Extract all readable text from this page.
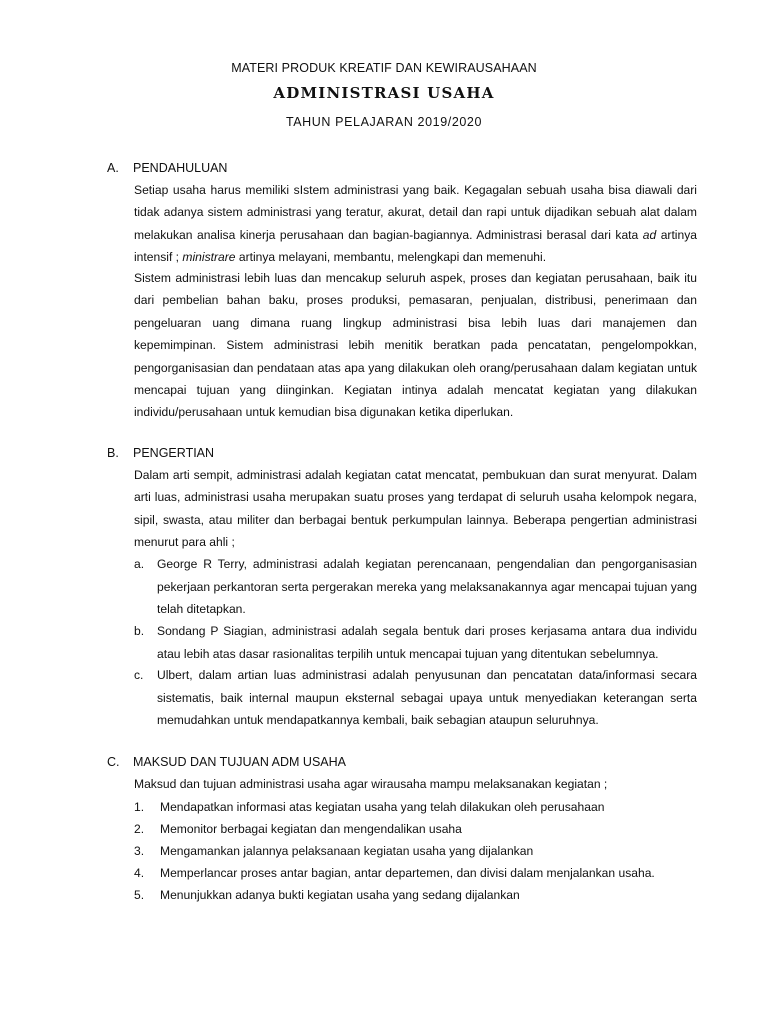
MATERI PRODUK KREATIF DAN KEWIRAUSAHAAN
ADMINISTRASI USAHA
TAHUN PELAJARAN 2019/2020
A. PENDAHULUAN

Setiap usaha harus memiliki sIstem administrasi yang baik. Kegagalan sebuah usaha bisa diawali dari tidak adanya sistem administrasi yang teratur, akurat, detail dan rapi untuk dijadikan sebuah alat dalam melakukan analisa kinerja perusahaan dan bagian-bagiannya. Administrasi berasal dari kata ad artinya intensif ; ministrare artinya melayani, membantu, melengkapi dan memenuhi.

Sistem administrasi lebih luas dan mencakup seluruh aspek, proses dan kegiatan perusahaan, baik itu dari pembelian bahan baku, proses produksi, pemasaran, penjualan, distribusi, penerimaan dan pengeluaran uang dimana ruang lingkup administrasi bisa lebih luas dari manajemen dan kepemimpinan. Sistem administrasi lebih menitik beratkan pada pencatatan, pengelompokkan, pengorganisasian dan pendataan atas apa yang dilakukan oleh orang/perusahaan dalam kegiatan untuk mencapai tujuan yang diinginkan. Kegiatan intinya adalah mencatat kegiatan yang dilakukan individu/perusahaan untuk kemudian bisa digunakan ketika diperlukan.

B. PENGERTIAN

Dalam arti sempit, administrasi adalah kegiatan catat mencatat, pembukuan dan surat menyurat. Dalam arti luas, administrasi usaha merupakan suatu proses yang terdapat di seluruh usaha kelompok negara, sipil, swasta, atau militer dan berbagai bentuk perkumpulan lainnya. Beberapa pengertian administrasi menurut para ahli ;

a.	George R Terry, administrasi adalah kegiatan perencanaan, pengendalian dan pengorganisasian pekerjaan perkantoran serta pergerakan mereka yang melaksanakannya agar mencapai tujuan yang telah ditetapkan.
b.	Sondang P Siagian, administrasi adalah segala bentuk dari proses kerjasama antara dua individu atau lebih atas dasar rasionalitas terpilih untuk mencapai tujuan yang ditentukan sebelumnya.
c.	Ulbert, dalam artian luas administrasi adalah penyusunan dan pencatatan data/informasi secara sistematis, baik internal maupun eksternal sebagai upaya untuk menyediakan keterangan serta memudahkan untuk mendapatkannya kembali, baik sebagian ataupun seluruhnya.
C. MAKSUD DAN TUJUAN ADM USAHA

Maksud dan tujuan administrasi usaha agar wirausaha mampu melaksanakan kegiatan ;

1. Mendapatkan informasi atas kegiatan usaha yang telah dilakukan oleh perusahaan
2. Memonitor berbagai kegiatan dan mengendalikan usaha
3. Mengamankan jalannya pelaksanaan kegiatan usaha yang dijalankan
4. Memperlancar proses antar bagian, antar departemen, dan divisi dalam menjalankan usaha.
5. Menunjukkan adanya bukti kegiatan usaha yang sedang dijalankan
